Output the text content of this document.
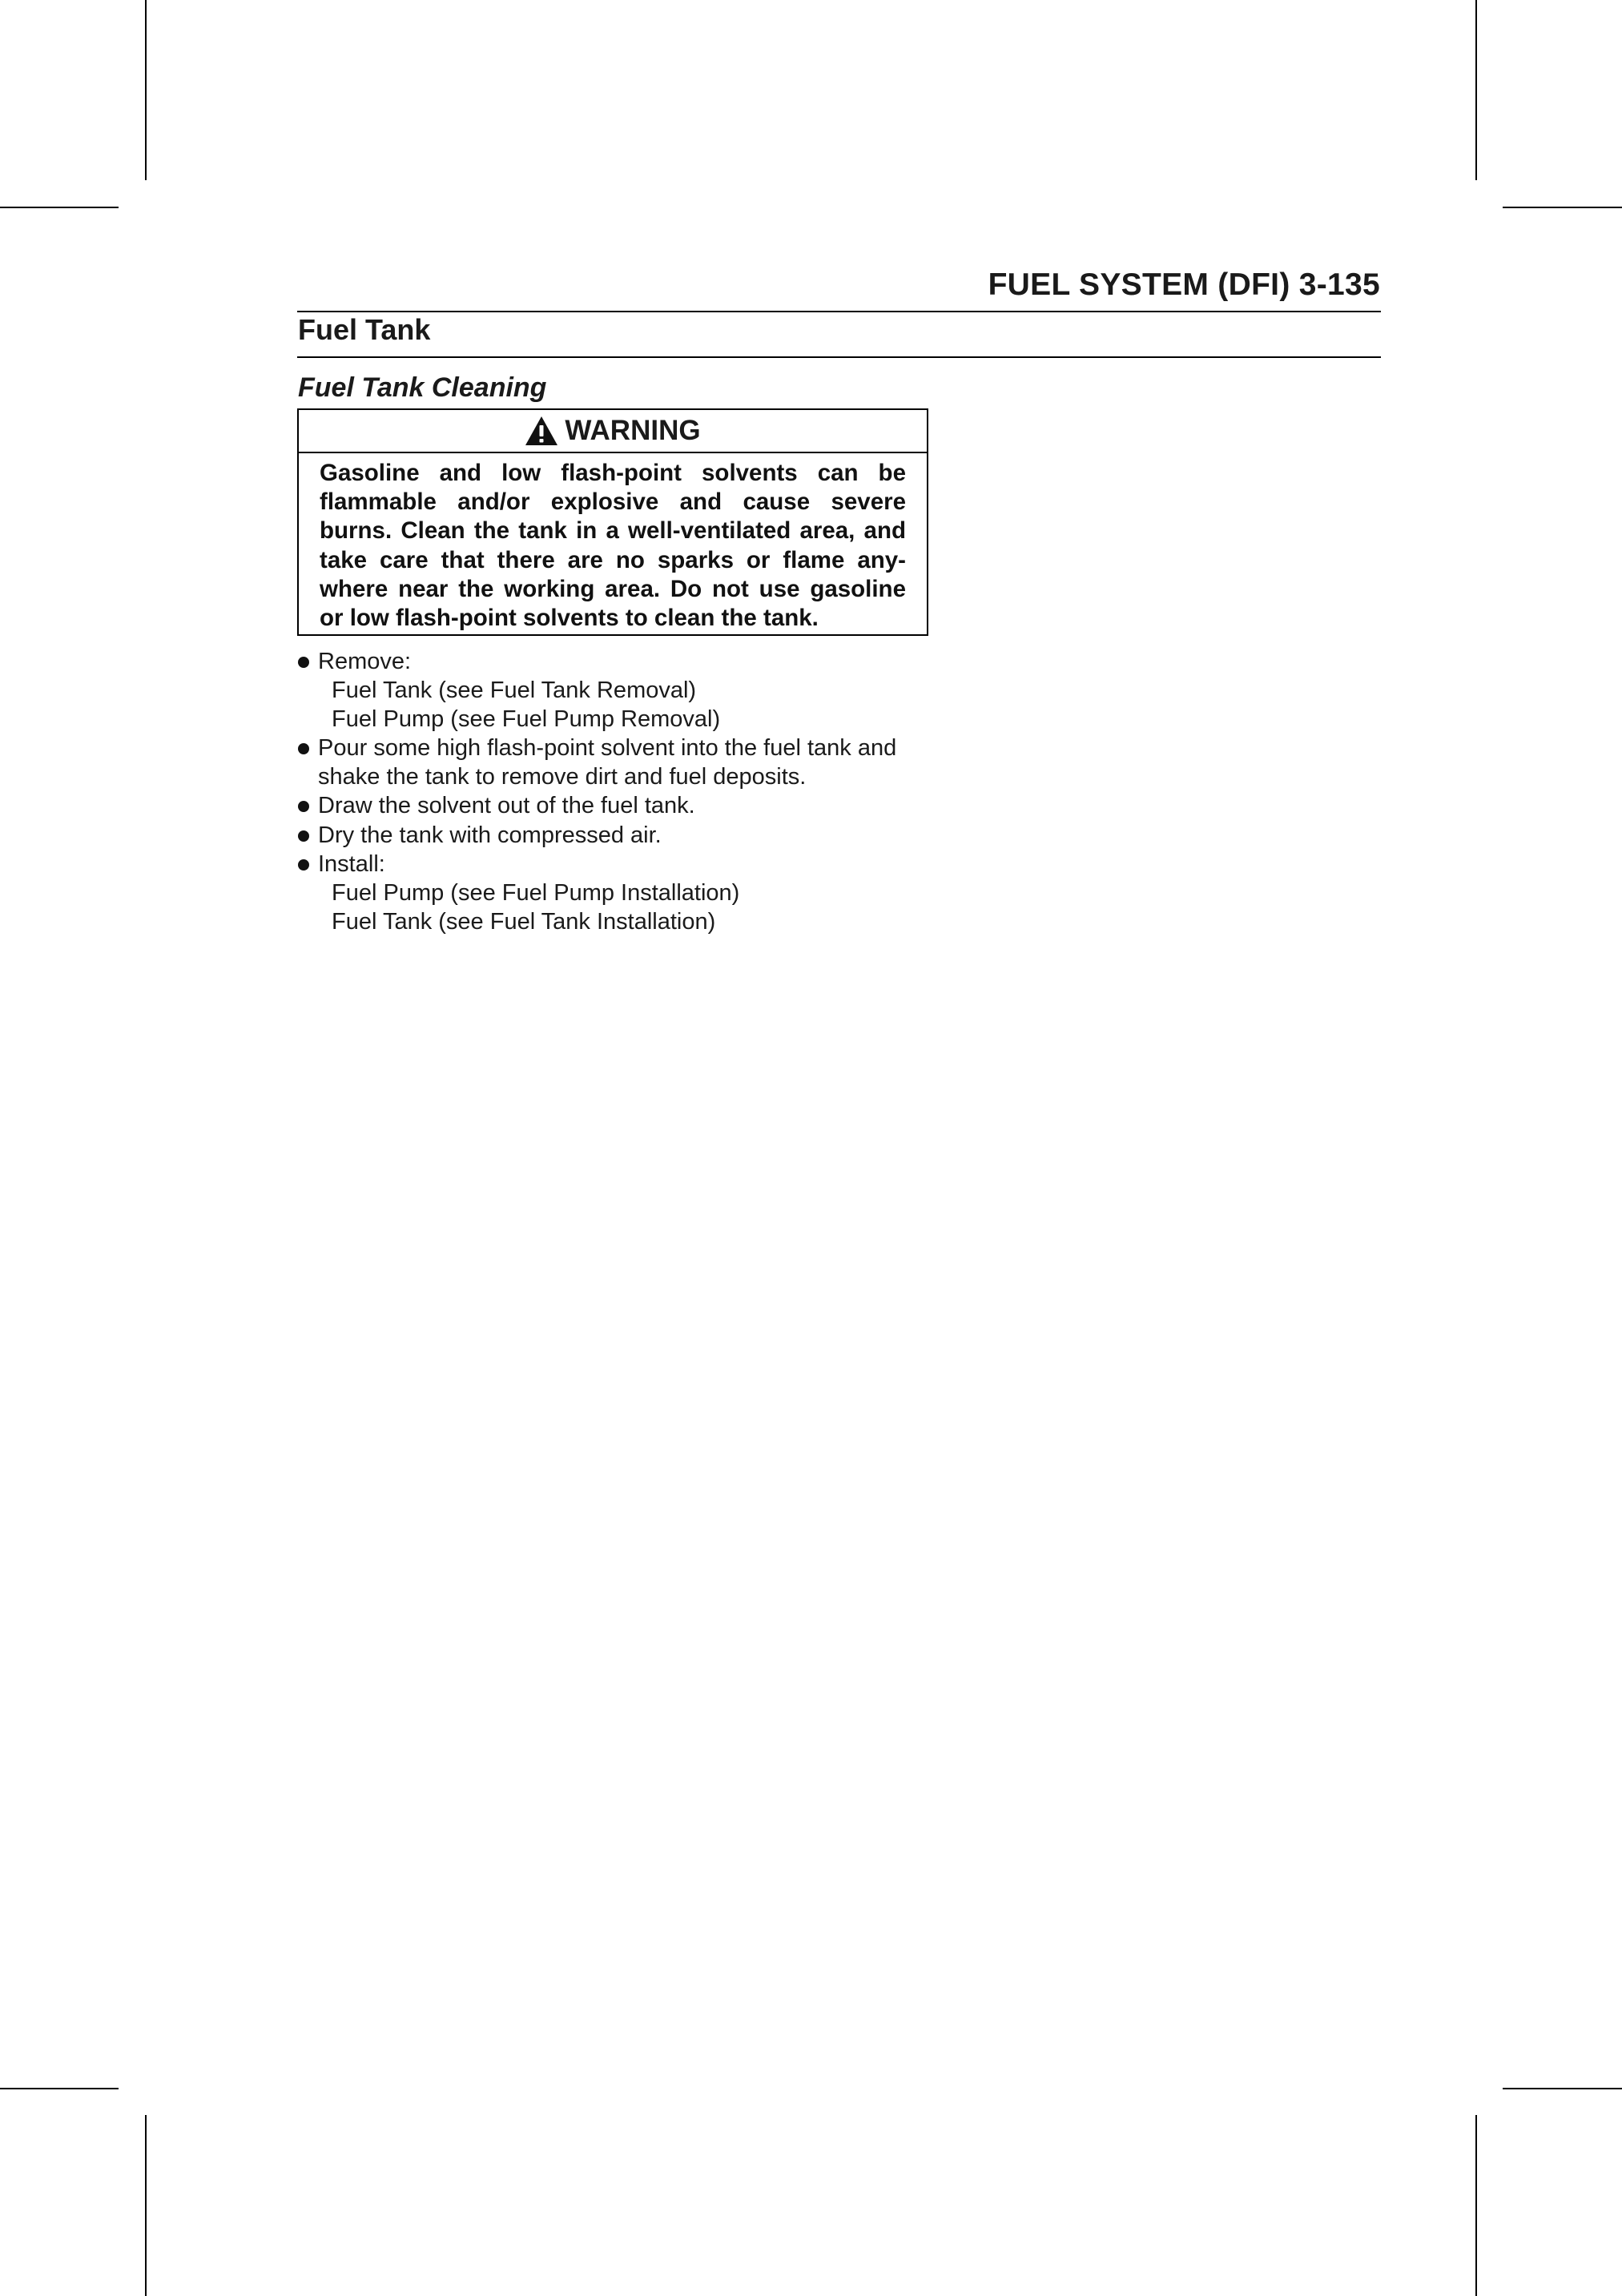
FUEL SYSTEM (DFI) 3-135
Fuel Tank
Fuel Tank Cleaning
WARNING
Gasoline and low flash-point solvents can be flammable and/or explosive and cause severe burns. Clean the tank in a well-ventilated area, and take care that there are no sparks or flame any-where near the working area. Do not use gasoline or low flash-point solvents to clean the tank.
Remove:
Fuel Tank (see Fuel Tank Removal)
Fuel Pump (see Fuel Pump Removal)
Pour some high flash-point solvent into the fuel tank and shake the tank to remove dirt and fuel deposits.
Draw the solvent out of the fuel tank.
Dry the tank with compressed air.
Install:
Fuel Pump (see Fuel Pump Installation)
Fuel Tank (see Fuel Tank Installation)
